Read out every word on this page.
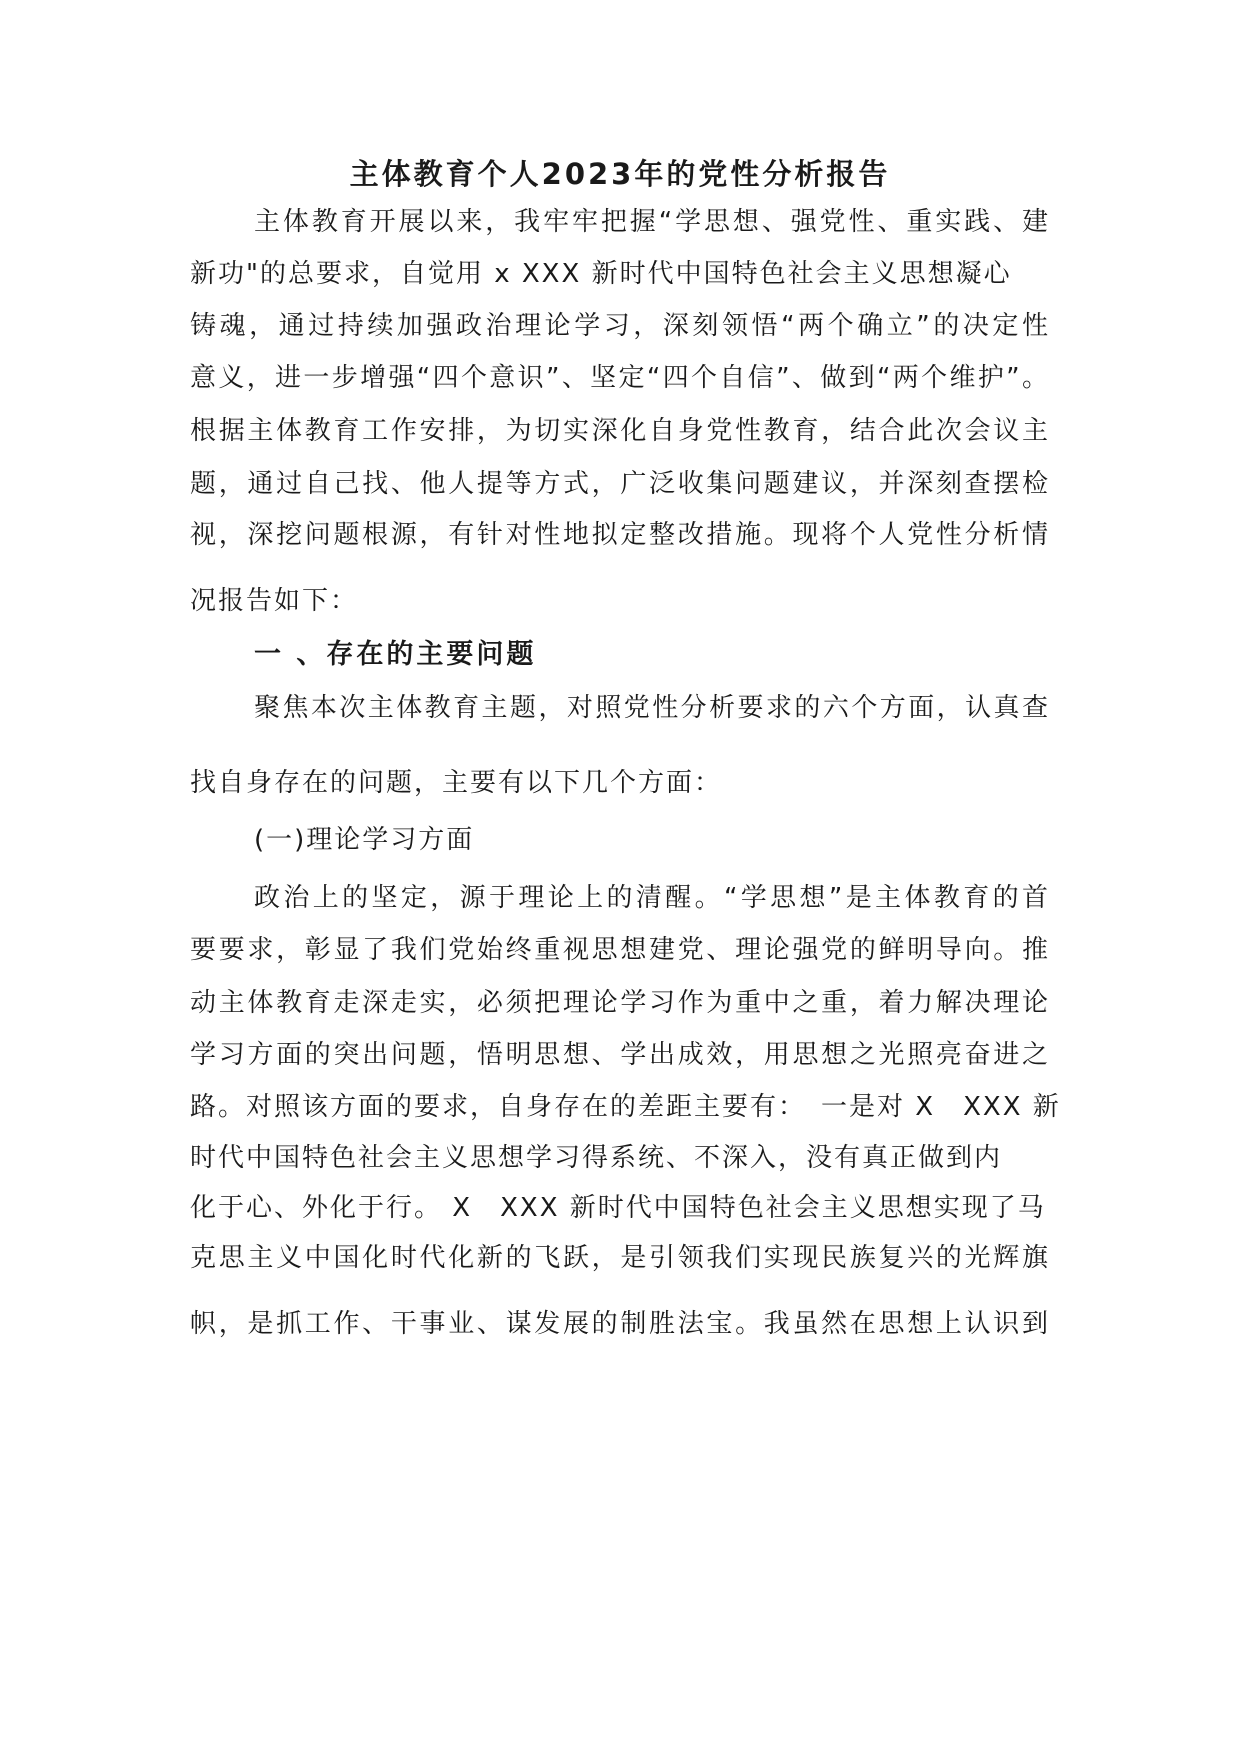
主体教育个人2023年的党性分析报告
主体教育开展以来，我牢牢把握“学思想、强党性、重实践、建
新功"的总要求，自觉用 x XXX 新时代中国特色社会主义思想凝心
铸魂，通过持续加强政治理论学习，深刻领悟“两个确立”的决定性
意义，进一步增强“四个意识”、坚定“四个自信”、做到“两个维护”。
根据主体教育工作安排，为切实深化自身党性教育，结合此次会议主
题，通过自己找、他人提等方式，广泛收集问题建议，并深刻查摆检
视，深挖问题根源，有针对性地拟定整改措施。现将个人党性分析情
况报告如下：
一 、存在的主要问题
聚焦本次主体教育主题，对照党性分析要求的六个方面，认真查
找自身存在的问题，主要有以下几个方面：
(一)理论学习方面
政治上的坚定，源于理论上的清醒。“学思想”是主体教育的首
要要求，彰显了我们党始终重视思想建党、理论强党的鲜明导向。推
动主体教育走深走实，必须把理论学习作为重中之重，着力解决理论
学习方面的突出问题，悟明思想、学出成效，用思想之光照亮奋进之
路。对照该方面的要求，自身存在的差距主要有：　一是对 X　XXX 新
时代中国特色社会主义思想学习得系统、不深入，没有真正做到内
化于心、外化于行。 X　XXX 新时代中国特色社会主义思想实现了马
克思主义中国化时代化新的飞跃，是引领我们实现民族复兴的光辉旗
帜，是抓工作、干事业、谋发展的制胜法宝。我虽然在思想上认识到
